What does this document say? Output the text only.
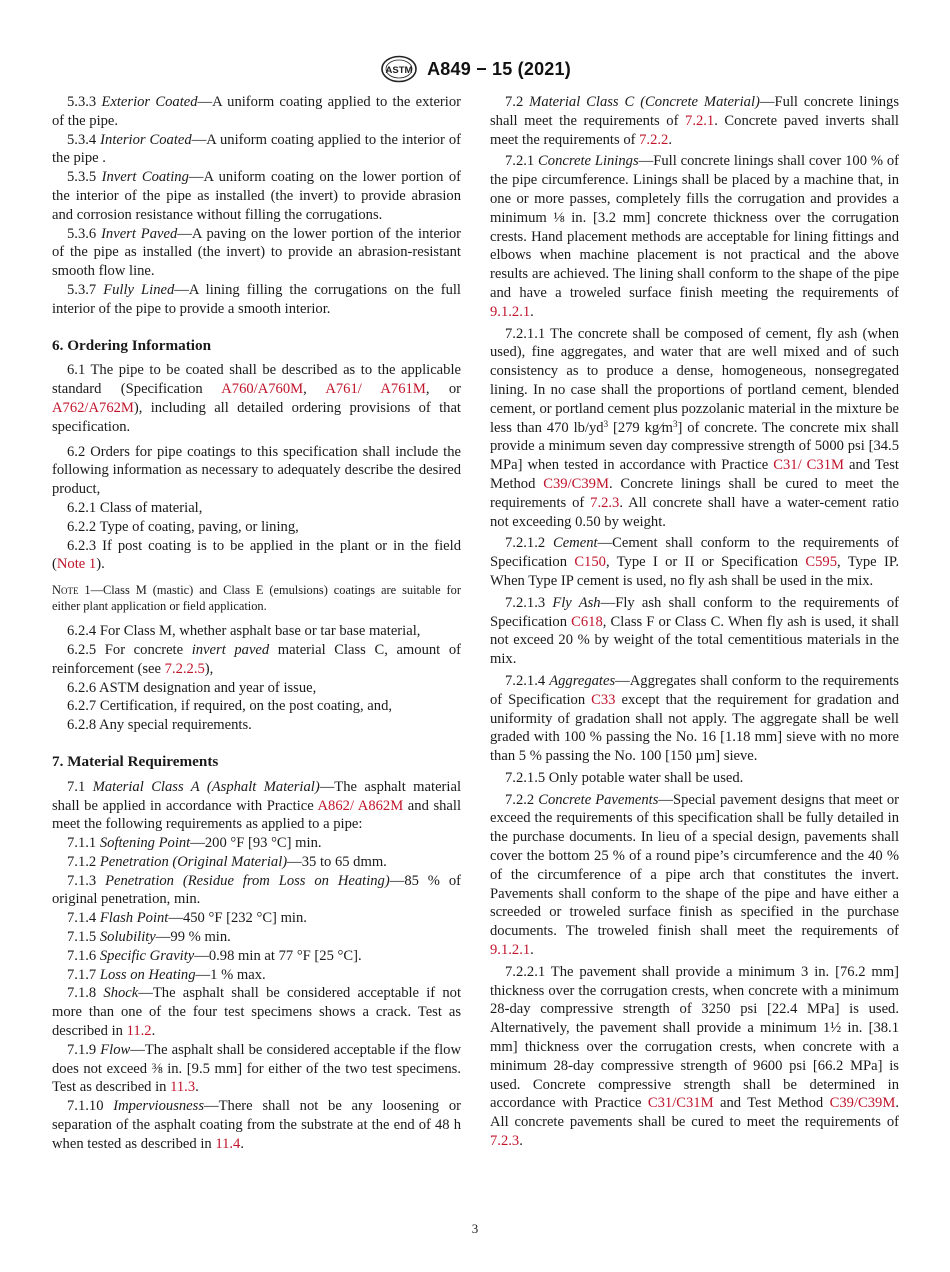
ASTM A849 − 15 (2021)
5.3.3 Exterior Coated—A uniform coating applied to the exterior of the pipe.
5.3.4 Interior Coated—A uniform coating applied to the interior of the pipe .
5.3.5 Invert Coating—A uniform coating on the lower portion of the interior of the pipe as installed (the invert) to provide abrasion and corrosion resistance without filling the corrugations.
5.3.6 Invert Paved—A paving on the lower portion of the interior of the pipe as installed (the invert) to provide an abrasion-resistant smooth flow line.
5.3.7 Fully Lined—A lining filling the corrugations on the full interior of the pipe to provide a smooth interior.
6. Ordering Information
6.1 The pipe to be coated shall be described as to the applicable standard (Specification A760/A760M, A761/ A761M, or A762/A762M), including all detailed ordering provisions of that specification.
6.2 Orders for pipe coatings to this specification shall include the following information as necessary to adequately describe the desired product,
6.2.1 Class of material,
6.2.2 Type of coating, paving, or lining,
6.2.3 If post coating is to be applied in the plant or in the field (Note 1).
Note 1—Class M (mastic) and Class E (emulsions) coatings are suitable for either plant application or field application.
6.2.4 For Class M, whether asphalt base or tar base material,
6.2.5 For concrete invert paved material Class C, amount of reinforcement (see 7.2.2.5),
6.2.6 ASTM designation and year of issue,
6.2.7 Certification, if required, on the post coating, and,
6.2.8 Any special requirements.
7. Material Requirements
7.1 Material Class A (Asphalt Material)—The asphalt material shall be applied in accordance with Practice A862/ A862M and shall meet the following requirements as applied to a pipe:
7.1.1 Softening Point—200 °F [93 °C] min.
7.1.2 Penetration (Original Material)—35 to 65 dmm.
7.1.3 Penetration (Residue from Loss on Heating)—85 % of original penetration, min.
7.1.4 Flash Point—450 °F [232 °C] min.
7.1.5 Solubility—99 % min.
7.1.6 Specific Gravity—0.98 min at 77 °F [25 °C].
7.1.7 Loss on Heating—1 % max.
7.1.8 Shock—The asphalt shall be considered acceptable if not more than one of the four test specimens shows a crack. Test as described in 11.2.
7.1.9 Flow—The asphalt shall be considered acceptable if the flow does not exceed ⅜ in. [9.5 mm] for either of the two test specimens. Test as described in 11.3.
7.1.10 Imperviousness—There shall not be any loosening or separation of the asphalt coating from the substrate at the end of 48 h when tested as described in 11.4.
7.2 Material Class C (Concrete Material)—Full concrete linings shall meet the requirements of 7.2.1. Concrete paved inverts shall meet the requirements of 7.2.2.
7.2.1 Concrete Linings—Full concrete linings shall cover 100 % of the pipe circumference. Linings shall be placed by a machine that, in one or more passes, completely fills the corrugation and provides a minimum ⅛ in. [3.2 mm] concrete thickness over the corrugation crests. Hand placement methods are acceptable for lining fittings and elbows when machine placement is not practical and the above results are achieved. The lining shall conform to the shape of the pipe and have a troweled surface finish meeting the requirements of 9.1.2.1.
7.2.1.1 The concrete shall be composed of cement, fly ash (when used), fine aggregates, and water that are well mixed and of such consistency as to produce a dense, homogeneous, nonsegregated lining. In no case shall the proportions of portland cement, blended cement, or portland cement plus pozzolanic material in the mixture be less than 470 $lb/yd^3$ [279 $kg⁄m^3$] of concrete. The concrete mix shall provide a minimum seven day compressive strength of 5000 psi [34.5 MPa] when tested in accordance with Practice C31/ C31M and Test Method C39/C39M. Concrete linings shall be cured to meet the requirements of 7.2.3. All concrete shall have a water-cement ratio not exceeding 0.50 by weight.
7.2.1.2 Cement—Cement shall conform to the requirements of Specification C150, Type I or II or Specification C595, Type IP. When Type IP cement is used, no fly ash shall be used in the mix.
7.2.1.3 Fly Ash—Fly ash shall conform to the requirements of Specification C618, Class F or Class C. When fly ash is used, it shall not exceed 20 % by weight of the total cementitious materials in the mix.
7.2.1.4 Aggregates—Aggregates shall conform to the requirements of Specification C33 except that the requirement for gradation and uniformity of gradation shall not apply. The aggregate shall be well graded with 100 % passing the No. 16 [1.18 mm] sieve with no more than 5 % passing the No. 100 [150 µm] sieve.
7.2.1.5 Only potable water shall be used.
7.2.2 Concrete Pavements—Special pavement designs that meet or exceed the requirements of this specification shall be fully detailed in the purchase documents. In lieu of a special design, pavements shall cover the bottom 25 % of a round pipe’s circumference and the 40 % of the circumference of a pipe arch that constitutes the invert. Pavements shall conform to the shape of the pipe and have either a screeded or troweled surface finish as specified in the purchase documents. The troweled finish shall meet the requirements of 9.1.2.1.
7.2.2.1 The pavement shall provide a minimum 3 in. [76.2 mm] thickness over the corrugation crests, when concrete with a minimum 28-day compressive strength of 3250 psi [22.4 MPa] is used. Alternatively, the pavement shall provide a minimum 1½ in. [38.1 mm] thickness over the corrugation crests, when concrete with a minimum 28-day compressive strength of 9600 psi [66.2 MPa] is used. Concrete compressive strength shall be determined in accordance with Practice C31/C31M and Test Method C39/C39M. All concrete pavements shall be cured to meet the requirements of 7.2.3.
3
